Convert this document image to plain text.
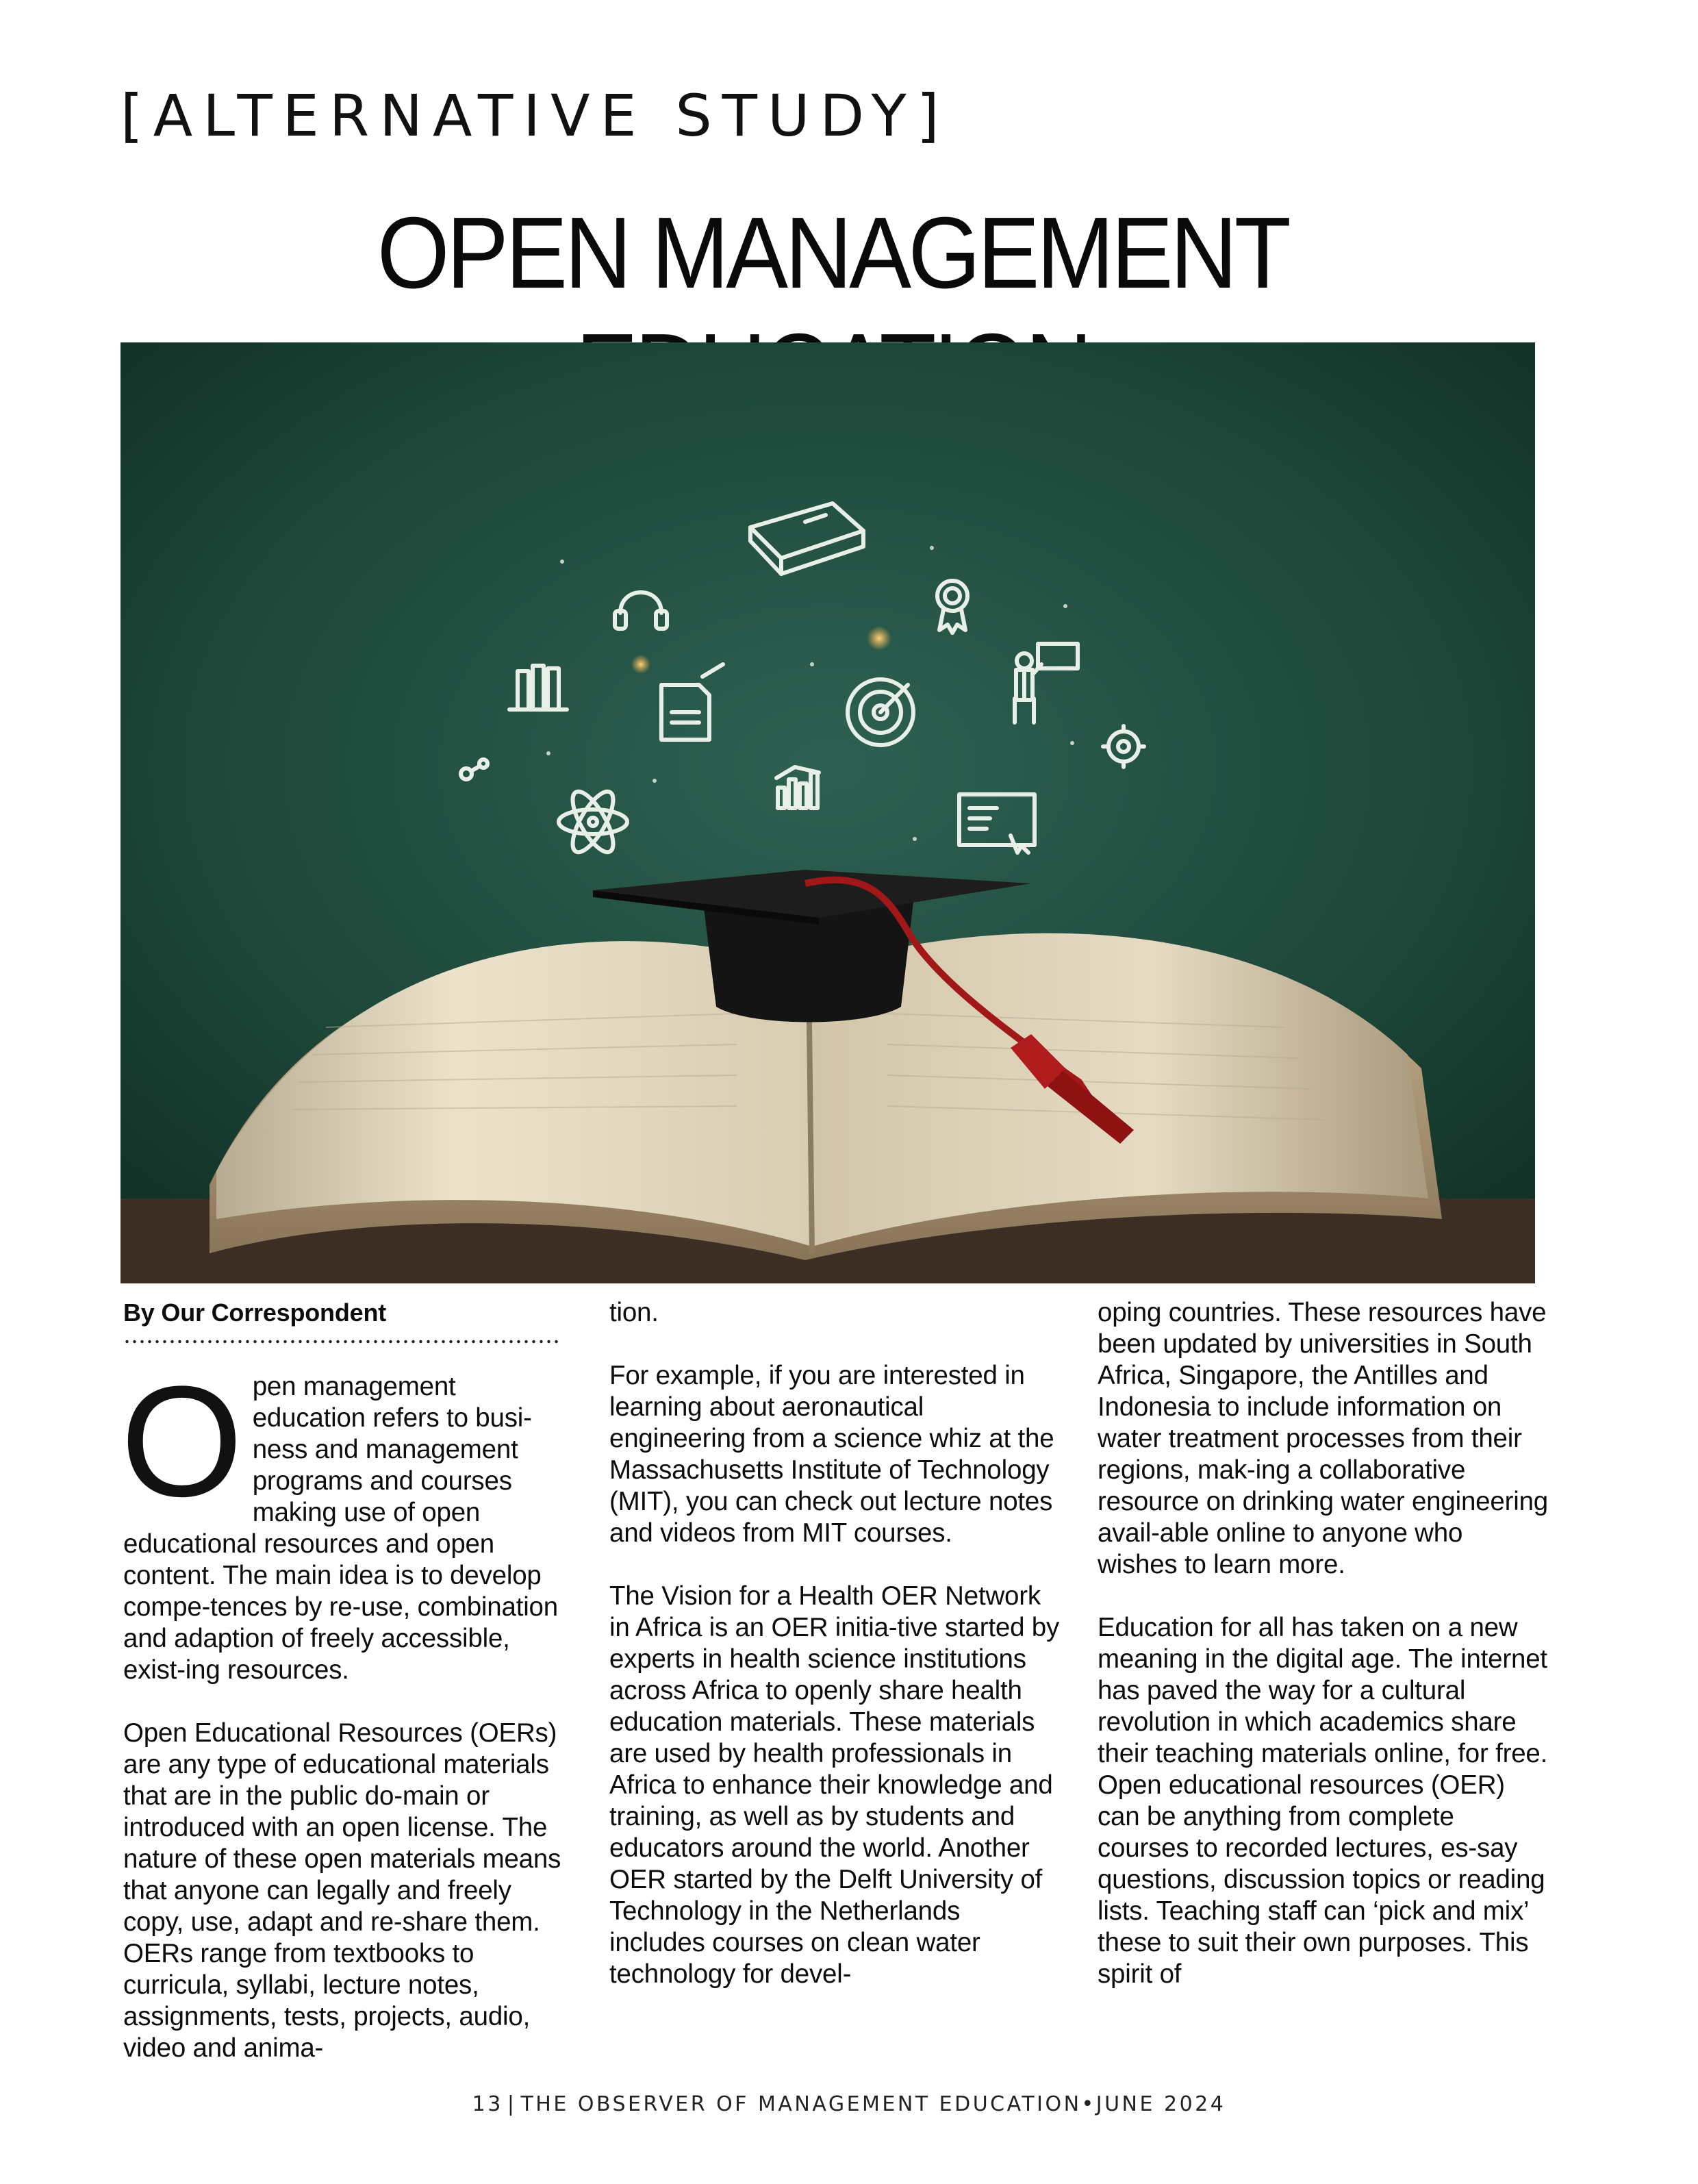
[ALTERNATIVE STUDY]
OPEN MANAGEMENT
By Our Correspondent

O pen management education refers to busi-ness and management programs and courses making use of open educational resources and open content. The main idea is to develop compe-tences by re-use, combination and adaption of freely accessible, exist-ing resources.

Open Educational Resources (OERs) are any type of educational materials that are in the public do-main or introduced with an open license. The nature of these open materials means that anyone can legally and freely copy, use, adapt and re-share them. OERs range from textbooks to curricula, syllabi, lecture notes, assignments, tests, projects, audio, video and anima-

tion.

For example, if you are interested in learning about aeronautical engineering from a science whiz at the Massachusetts Institute of Technology (MIT), you can check out lecture notes and videos from MIT courses.

The Vision for a Health OER Network in Africa is an OER initia-tive started by experts in health science institutions across Africa to openly share health education materials. These materials are used by health professionals in Africa to enhance their knowledge and training, as well as by students and educators around the world. Another OER started by the Delft University of Technology in the Netherlands includes courses on clean water technology for devel-

oping countries. These resources have been updated by universities in South Africa, Singapore, the Antilles and Indonesia to include information on water treatment processes from their regions, mak-ing a collaborative resource on drinking water engineering avail-able online to anyone who wishes to learn more.

Education for all has taken on a new meaning in the digital age. The internet has paved the way for a cultural revolution in which academics share their teaching materials online, for free. Open educational resources (OER) can be anything from complete courses to recorded lectures, es-say questions, discussion topics or reading lists. Teaching staff can ‘pick and mix’ these to suit their own purposes. This spirit of

13 | THE OBSERVER OF MANAGEMENT EDUCATION•JUNE 2024
